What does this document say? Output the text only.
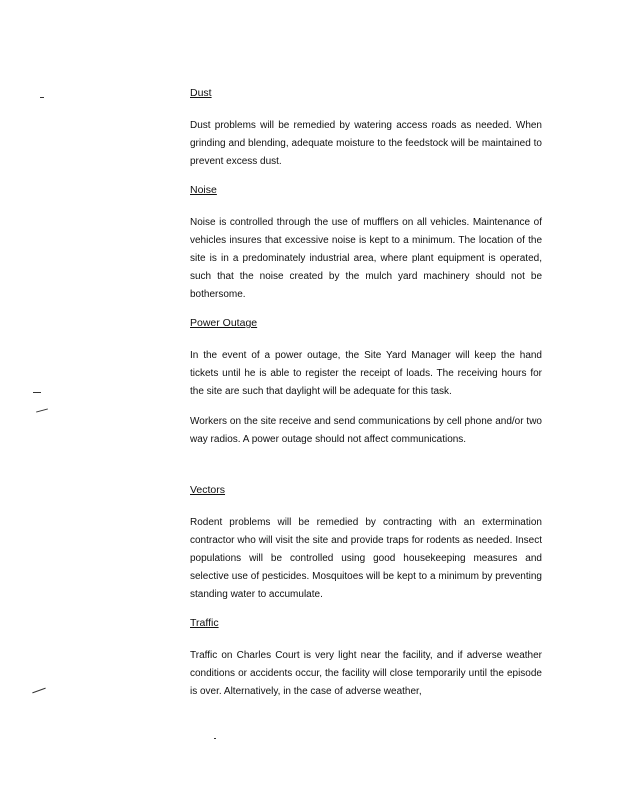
Dust

Dust problems will be remedied by watering access roads as needed. When grinding and blending, adequate moisture to the feedstock will be maintained to prevent excess dust.

Noise

Noise is controlled through the use of mufflers on all vehicles. Maintenance of vehicles insures that excessive noise is kept to a minimum. The location of the site is in a predominately industrial area, where plant equipment is operated, such that the noise created by the mulch yard machinery should not be bothersome.

Power Outage

In the event of a power outage, the Site Yard Manager will keep the hand tickets until he is able to register the receipt of loads. The receiving hours for the site are such that daylight will be adequate for this task.

Workers on the site receive and send communications by cell phone and/or two way radios. A power outage should not affect communications.

Vectors

Rodent problems will be remedied by contracting with an extermination contractor who will visit the site and provide traps for rodents as needed. Insect populations will be controlled using good housekeeping measures and selective use of pesticides. Mosquitoes will be kept to a minimum by preventing standing water to accumulate.

Traffic

Traffic on Charles Court is very light near the facility, and if adverse weather conditions or accidents occur, the facility will close temporarily until the episode is over. Alternatively, in the case of adverse weather,
